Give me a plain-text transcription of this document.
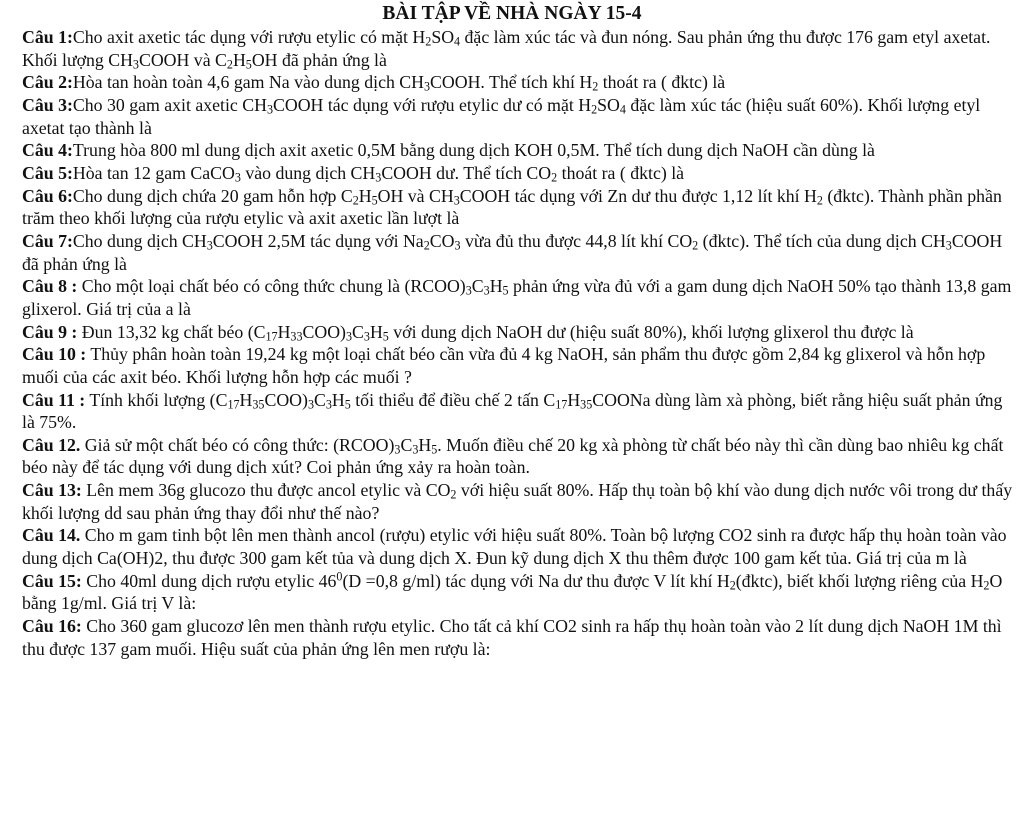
BÀI TẬP VỀ NHÀ NGÀY 15-4

Câu 1:Cho axit axetic tác dụng với rượu etylic có mặt $H_2SO_4$ đặc làm xúc tác và đun nóng. Sau phản ứng thu được 176 gam etyl axetat. Khối lượng $CH_3COOH$ và $C_2H_5OH$ đã phản ứng là

Câu 2:Hòa tan hoàn toàn 4,6 gam Na vào dung dịch $CH_3COOH$. Thể tích khí $H_2$ thoát ra ( đktc) là

Câu 3:Cho 30 gam axit axetic $CH_3COOH$ tác dụng với rượu etylic dư có mặt $H_2SO_4$ đặc làm xúc tác (hiệu suất 60%). Khối lượng etyl axetat tạo thành là

Câu 4:Trung hòa 800 ml dung dịch axit axetic 0,5M bằng dung dịch KOH 0,5M. Thể tích dung dịch NaOH cần dùng là

Câu 5:Hòa tan 12 gam CaCO$_3$ vào dung dịch $CH_3COOH$ dư. Thể tích $CO_2$ thoát ra ( đktc) là

Câu 6:Cho dung dịch chứa 20 gam hỗn hợp $C_2H_5OH$ và $CH_3COOH$ tác dụng với Zn dư thu được 1,12 lít khí $H_2$ (đktc). Thành phần phần trăm theo khối lượng của rượu etylic và axit axetic lần lượt là

Câu 7:Cho dung dịch $CH_3COOH$ 2,5M tác dụng với $Na_2CO_3$ vừa đủ thu được 44,8 lít khí $CO_2$ (đktc). Thể tích của dung dịch $CH_3COOH$ đã phản ứng là

Câu 8 : Cho một loại chất béo có công thức chung là $(RCOO)_3C_3H_5$ phản ứng vừa đủ với a gam dung dịch NaOH 50% tạo thành 13,8 gam glixerol. Giá trị của a là

Câu 9 : Đun 13,32 kg chất béo $(C_{17}H_{33}COO)_3C_3H_5$ với dung dịch NaOH dư (hiệu suất 80%), khối lượng glixerol thu được là

Câu 10 : Thủy phân hoàn toàn 19,24 kg một loại chất béo cần vừa đủ 4 kg NaOH, sản phẩm thu được gồm 2,84 kg glixerol và hỗn hợp muối của các axit béo. Khối lượng hỗn hợp các muối ?

Câu 11 : Tính khối lượng $(C_{17}H_{35}COO)_3C_3H_5$ tối thiểu để điều chế 2 tấn $C_{17}H_{35}COONa$ dùng làm xà phòng, biết rằng hiệu suất phản ứng là 75%.

Câu 12. Giả sử một chất béo có công thức: $(RCOO)_3C_3H_5$. Muốn điều chế 20 kg xà phòng từ chất béo này thì cần dùng bao nhiêu kg chất béo này để tác dụng với dung dịch xút? Coi phản ứng xảy ra hoàn toàn.

Câu 13: Lên mem 36g glucozo thu được ancol etylic và $CO_2$ với hiệu suất 80%. Hấp thụ toàn bộ khí vào dung dịch nước vôi trong dư thấy khối lượng dd sau phản ứng thay đổi như thế nào?

Câu 14. Cho m gam tinh bột lên men thành ancol (rượu) etylic với hiệu suất 80%. Toàn bộ lượng CO2 sinh ra được hấp thụ hoàn toàn vào dung dịch Ca(OH)2, thu được 300 gam kết tủa và dung dịch X. Đun kỹ dung dịch X thu thêm được 100 gam kết tủa. Giá trị của m là

Câu 15: Cho 40ml dung dịch rượu etylic $46^0(D =0,8$ g/ml) tác dụng với Na dư thu được V lít khí $H_2(đktc)$, biết khối lượng riêng của $H_2O$ bằng 1g/ml. Giá trị V là:

Câu 16: Cho 360 gam glucozơ lên men thành rượu etylic. Cho tất cả khí CO2 sinh ra hấp thụ hoàn toàn vào 2 lít dung dịch NaOH 1M thì thu được 137 gam muối. Hiệu suất của phản ứng lên men rượu là:
